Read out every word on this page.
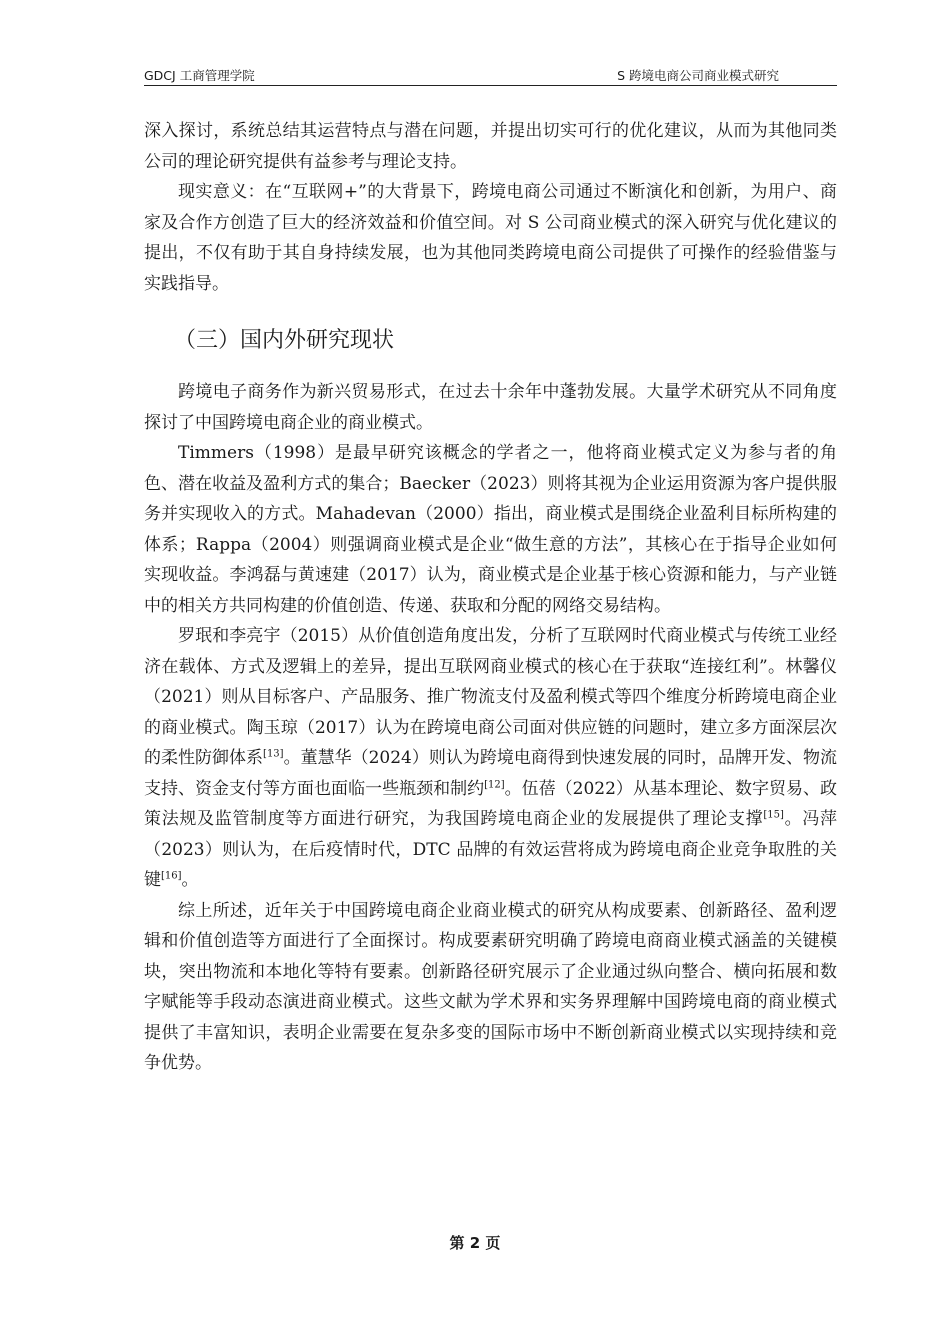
GDCJ 工商管理学院	S 跨境电商公司商业模式研究

深入探讨，系统总结其运营特点与潜在问题，并提出切实可行的优化建议，从而为其他同类公司的理论研究提供有益参考与理论支持。

现实意义：在“互联网+”的大背景下，跨境电商公司通过不断演化和创新，为用户、商家及合作方创造了巨大的经济效益和价值空间。对 S 公司商业模式的深入研究与优化建议的提出，不仅有助于其自身持续发展，也为其他同类跨境电商公司提供了可操作的经验借鉴与实践指导。

（三）国内外研究现状

跨境电子商务作为新兴贸易形式，在过去十余年中蓬勃发展。大量学术研究从不同角度探讨了中国跨境电商企业的商业模式。

Timmers（1998）是最早研究该概念的学者之一，他将商业模式定义为参与者的角色、潜在收益及盈利方式的集合；Baecker（2023）则将其视为企业运用资源为客户提供服务并实现收入的方式。Mahadevan（2000）指出，商业模式是围绕企业盈利目标所构建的体系；Rappa（2004）则强调商业模式是企业“做生意的方法”，其核心在于指导企业如何实现收益。李鸿磊与黄速建（2017）认为，商业模式是企业基于核心资源和能力，与产业链中的相关方共同构建的价值创造、传递、获取和分配的网络交易结构。

罗珉和李亮宇（2015）从价值创造角度出发，分析了互联网时代商业模式与传统工业经济在载体、方式及逻辑上的差异，提出互联网商业模式的核心在于获取“连接红利”。林馨仪（2021）则从目标客户、产品服务、推广物流支付及盈利模式等四个维度分析跨境电商企业的商业模式。陶玉琼（2017）认为在跨境电商公司面对供应链的问题时，建立多方面深层次的柔性防御体系[13]。董慧华（2024）则认为跨境电商得到快速发展的同时，品牌开发、物流支持、资金支付等方面也面临一些瓶颈和制约[12]。伍蓓（2022）从基本理论、数字贸易、政策法规及监管制度等方面进行研究，为我国跨境电商企业的发展提供了理论支撑[15]。冯萍（2023）则认为，在后疫情时代，DTC 品牌的有效运营将成为跨境电商企业竞争取胜的关键[16]。

综上所述，近年关于中国跨境电商企业商业模式的研究从构成要素、创新路径、盈利逻辑和价值创造等方面进行了全面探讨。构成要素研究明确了跨境电商商业模式涵盖的关键模块，突出物流和本地化等特有要素。创新路径研究展示了企业通过纵向整合、横向拓展和数字赋能等手段动态演进商业模式。这些文献为学术界和实务界理解中国跨境电商的商业模式提供了丰富知识，表明企业需要在复杂多变的国际市场中不断创新商业模式以实现持续和竞争优势。

第 2 页
